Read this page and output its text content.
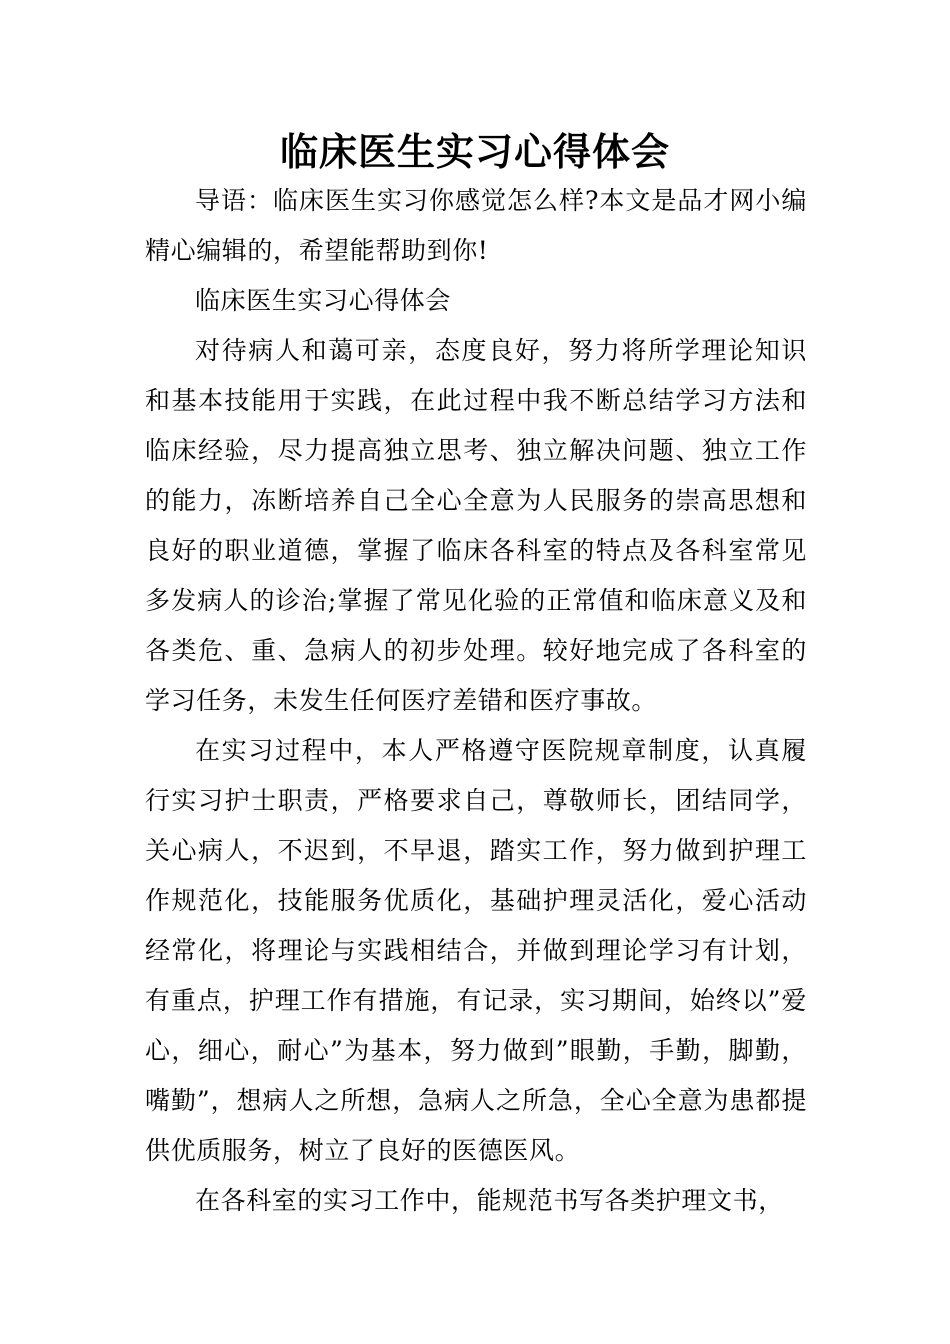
临床医生实习心得体会

导语：临床医生实习你感觉怎么样?本文是品才网小编精心编辑的，希望能帮助到你!

临床医生实习心得体会

对待病人和蔼可亲，态度良好，努力将所学理论知识和基本技能用于实践，在此过程中我不断总结学习方法和临床经验，尽力提高独立思考、独立解决问题、独立工作的能力，冻断培养自己全心全意为人民服务的崇高思想和良好的职业道德，掌握了临床各科室的特点及各科室常见多发病人的诊治;掌握了常见化验的正常值和临床意义及和各类危、重、急病人的初步处理。较好地完成了各科室的学习任务，未发生任何医疗差错和医疗事故。

在实习过程中，本人严格遵守医院规章制度，认真履行实习护士职责，严格要求自己，尊敬师长，团结同学，关心病人，不迟到，不早退，踏实工作，努力做到护理工作规范化，技能服务优质化，基础护理灵活化，爱心活动经常化，将理论与实践相结合，并做到理论学习有计划，有重点，护理工作有措施，有记录，实习期间，始终以”爱心，细心，耐心”为基本，努力做到”眼勤，手勤，脚勤，嘴勤”，想病人之所想，急病人之所急，全心全意为患都提供优质服务，树立了良好的医德医风。

在各科室的实习工作中，能规范书写各类护理文书，
